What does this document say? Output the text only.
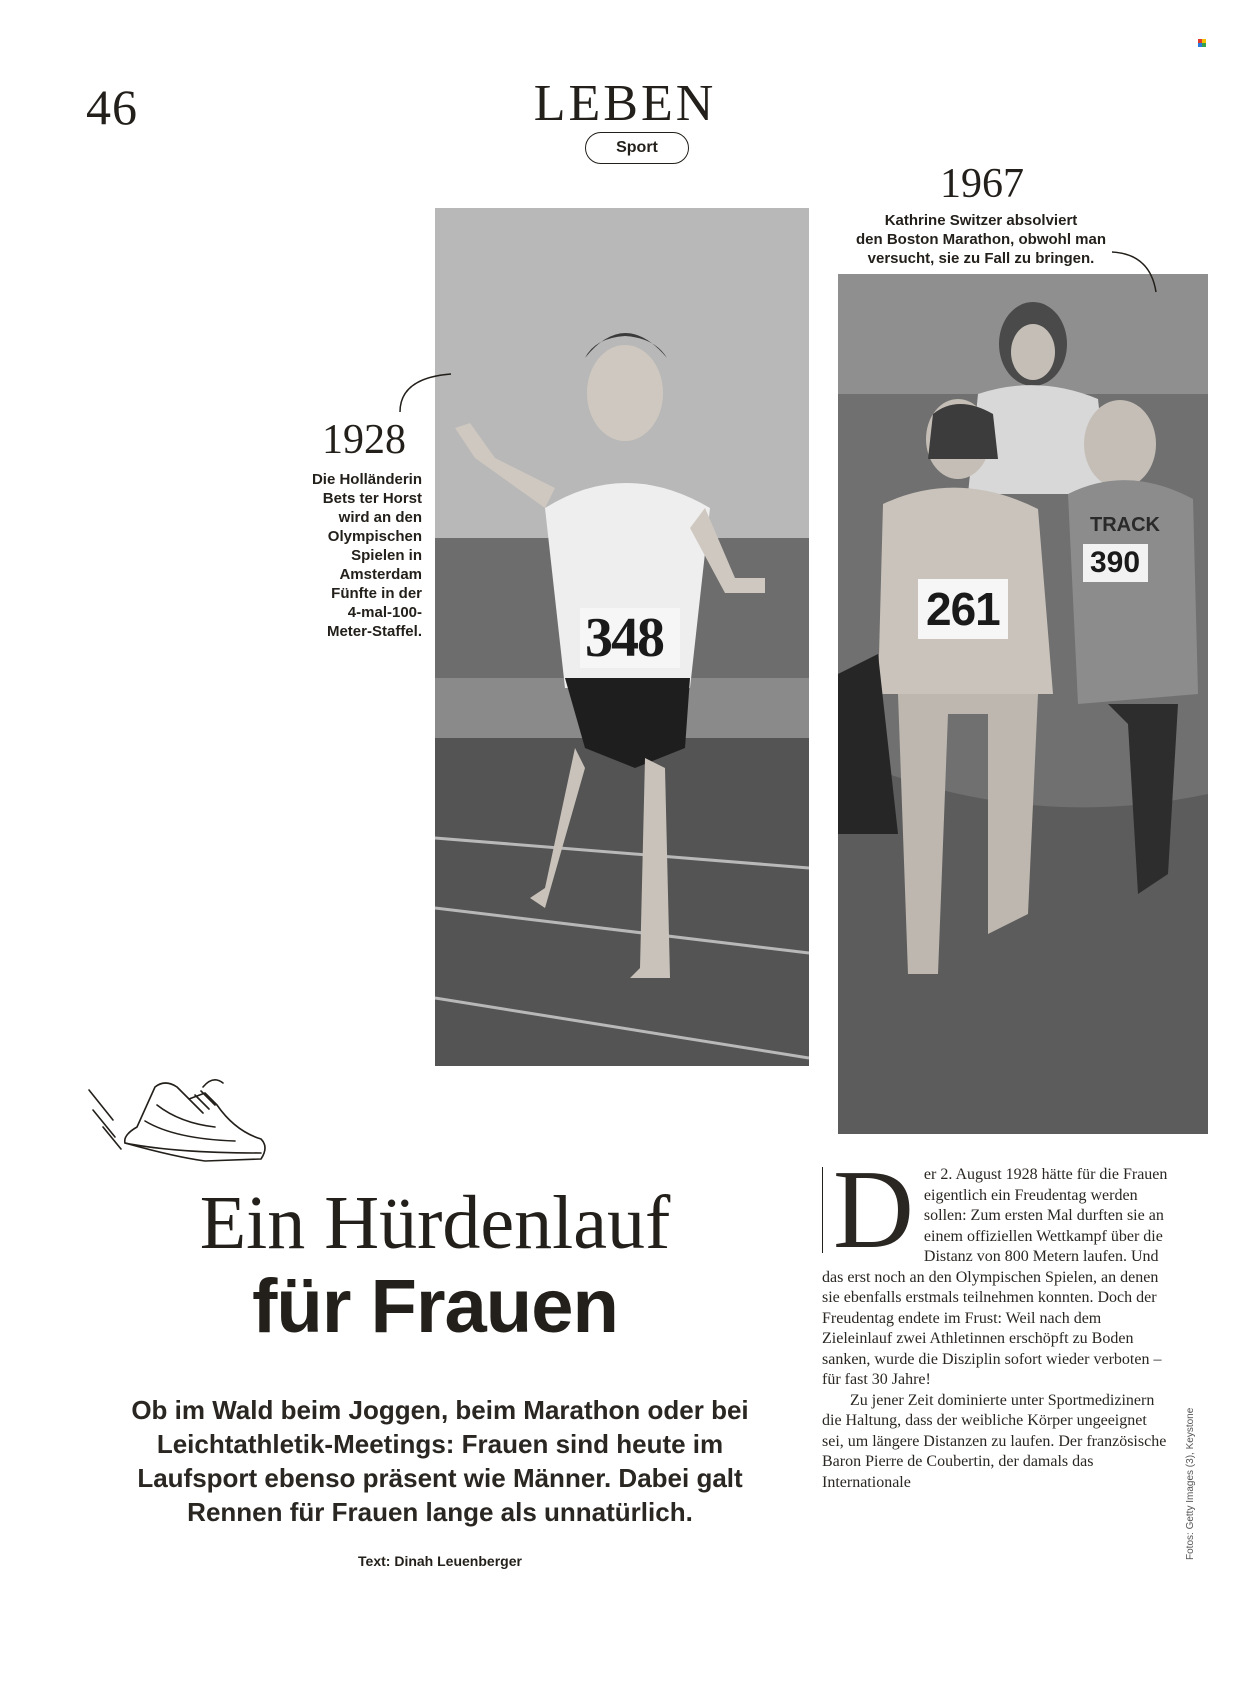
46	LEBEN
Sport
348
1928
Die Holländerin
Bets ter Horst
wird an den
Olympischen
Spielen in
Amsterdam
Fünfte in der
4-mal-100-
Meter-Staffel.
TRACK
390
261
1967
Kathrine Switzer absolviert
den Boston Marathon, obwohl man
versucht, sie zu Fall zu bringen.
Ein Hürdenlauf
für Frauen
Ob im Wald beim Joggen, beim Marathon oder bei Leichtathletik-Meetings: Frauen sind heute im Laufsport ebenso präsent wie Männer. Dabei galt Rennen für Frauen lange als unnatürlich.
Text: Dinah Leuenberger

D er 2. August 1928 hätte für die Frauen eigentlich ein Freudentag werden sollen: Zum ersten Mal durften sie an einem offiziellen Wettkampf über die Distanz von 800 Metern laufen. Und das erst noch an den Olympischen Spielen, an denen sie ebenfalls erstmals teilnehmen konnten. Doch der Freudentag endete im Frust: Weil nach dem Zieleinlauf zwei Athletinnen erschöpft zu Boden sanken, wurde die Disziplin sofort wieder verboten – für fast 30 Jahre!

Zu jener Zeit dominierte unter Sportmedizinern die Haltung, dass der weibliche Körper ungeeignet sei, um längere Distanzen zu laufen. Der französische Baron Pierre de Coubertin, der damals das Internationale	Fotos: Getty Images (3), Keystone
